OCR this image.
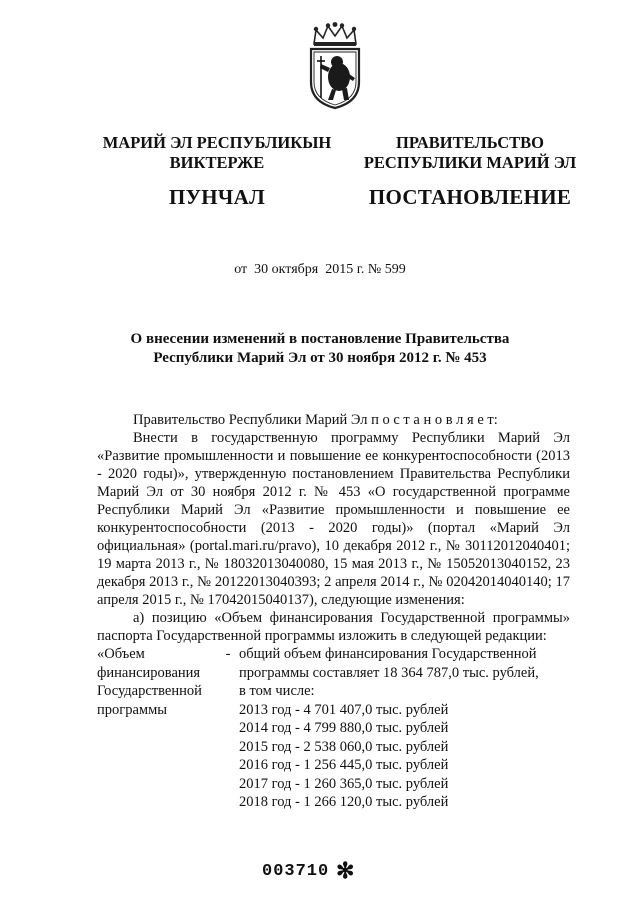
МАРИЙ ЭЛ РЕСПУБЛИКЫН
ВИКТЕРЖЕ
ПУНЧАЛ
ПРАВИТЕЛЬСТВО
РЕСПУБЛИКИ МАРИЙ ЭЛ
ПОСТАНОВЛЕНИЕ
от  30 октября  2015 г. № 599
О внесении изменений в постановление Правительства
Республики Марий Эл от 30 ноября 2012 г. № 453

Правительство Республики Марий Эл п о с т а н о в л я е т:

Внести в государственную программу Республики Марий Эл «Развитие промышленности и повышение ее конкурентоспособности (2013 - 2020 годы)», утвержденную постановлением Правительства Республики Марий Эл от 30 ноября 2012 г. № 453 «О государственной программе Республики Марий Эл «Развитие промышленности и повышение ее конкурентоспособности (2013 - 2020 годы)» (портал «Марий Эл официальная» (portal.mari.ru/pravo), 10 декабря 2012 г., № 30112012040401; 19 марта 2013 г., № 18032013040080, 15 мая 2013 г., № 15052013040152, 23 декабря 2013 г., № 20122013040393; 2 апреля 2014 г., № 02042014040140; 17 апреля 2015 г., № 17042015040137), следующие изменения:

а) позицию «Объем финансирования Государственной программы» паспорта Государственной программы изложить в следующей редакции:

«Объем
финансирования
Государственной
программы
- общий объем финансирования Государственной программы составляет 18 364 787,0 тыс. рублей,
в том числе:
2013 год - 4 701 407,0 тыс. рублей
2014 год - 4 799 880,0 тыс. рублей
2015 год - 2 538 060,0 тыс. рублей
2016 год - 1 256 445,0 тыс. рублей
2017 год - 1 260 365,0 тыс. рублей
2018 год - 1 266 120,0 тыс. рублей
003710 ✻
